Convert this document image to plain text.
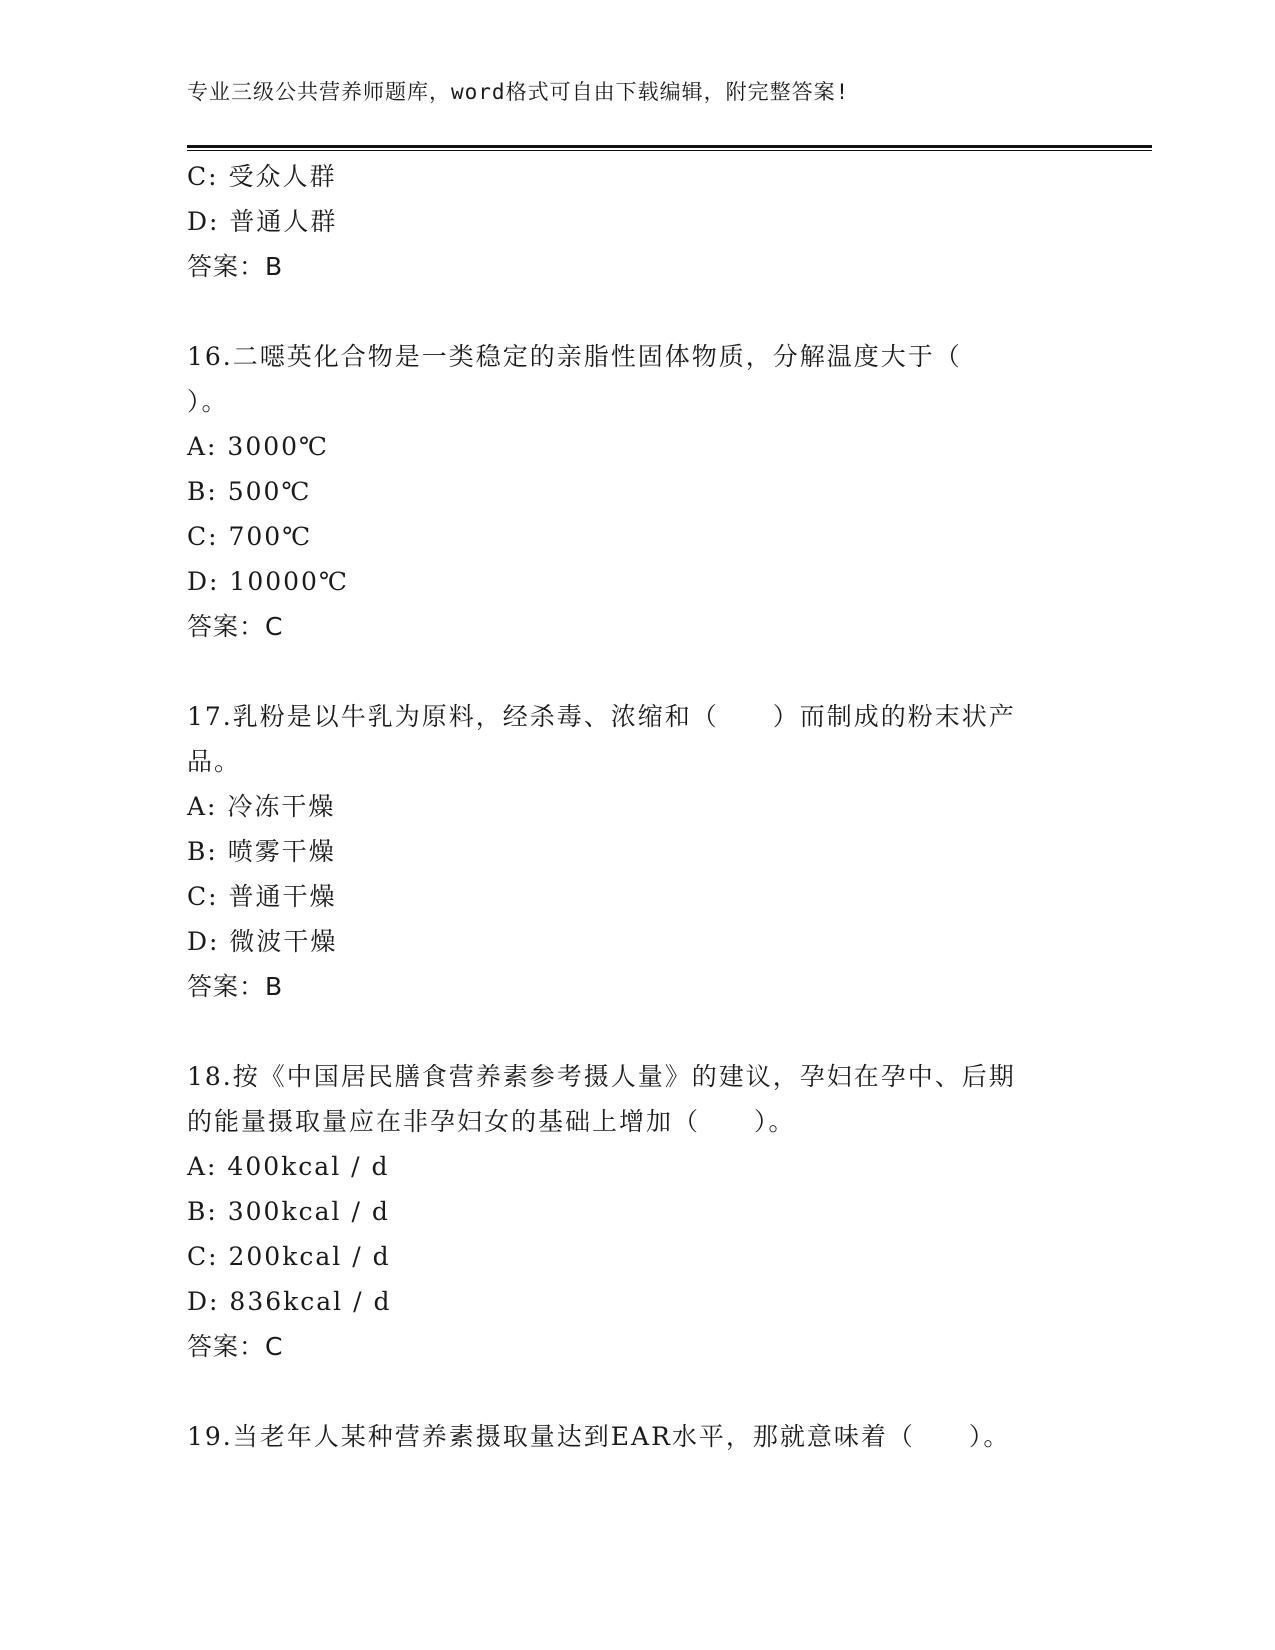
专业三级公共营养师题库，word格式可自由下载编辑，附完整答案!
C: 受众人群
D: 普通人群
答案：B
16.二噁英化合物是一类稳定的亲脂性固体物质，分解温度大于（
）。
A: 3000℃
B: 500℃
C: 700℃
D: 10000℃
答案：C
17.乳粉是以牛乳为原料，经杀毒、浓缩和（　　）而制成的粉末状产
品。
A: 冷冻干燥
B: 喷雾干燥
C: 普通干燥
D: 微波干燥
答案：B
18.按《中国居民膳食营养素参考摄人量》的建议，孕妇在孕中、后期
的能量摄取量应在非孕妇女的基础上增加（　　）。
A: 400kcal / d
B: 300kcal / d
C: 200kcal / d
D: 836kcal / d
答案：C
19.当老年人某种营养素摄取量达到EAR水平，那就意味着（　　）。
